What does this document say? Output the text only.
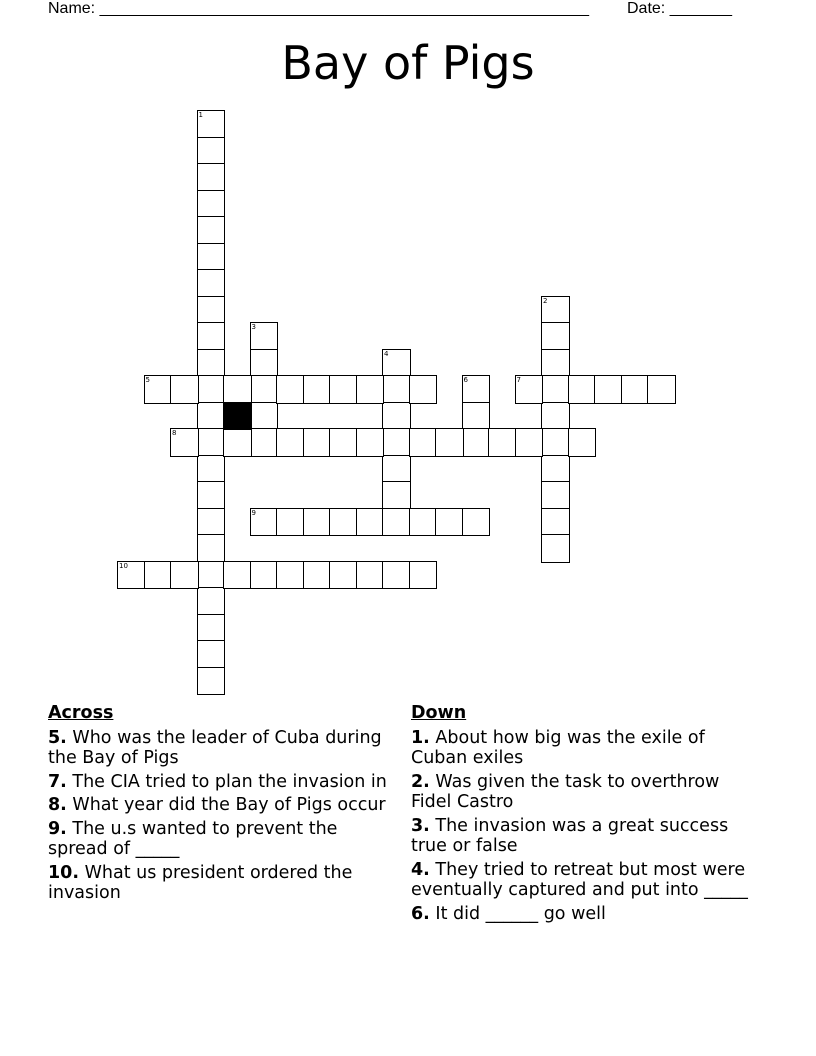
Name: _______________________________________________________ Date: _______
Bay of Pigs
1
2
3
4
5	6	7
8
9
10
Across
5. Who was the leader of Cuba during the Bay of Pigs
7. The CIA tried to plan the invasion in
8. What year did the Bay of Pigs occur
9. The u.s wanted to prevent the spread of _____
10. What us president ordered the invasion
Down
1. About how big was the exile of Cuban exiles
2. Was given the task to overthrow Fidel Castro
3. The invasion was a great success true or false
4. They tried to retreat but most were eventually captured and put into _____
6. It did ______ go well
